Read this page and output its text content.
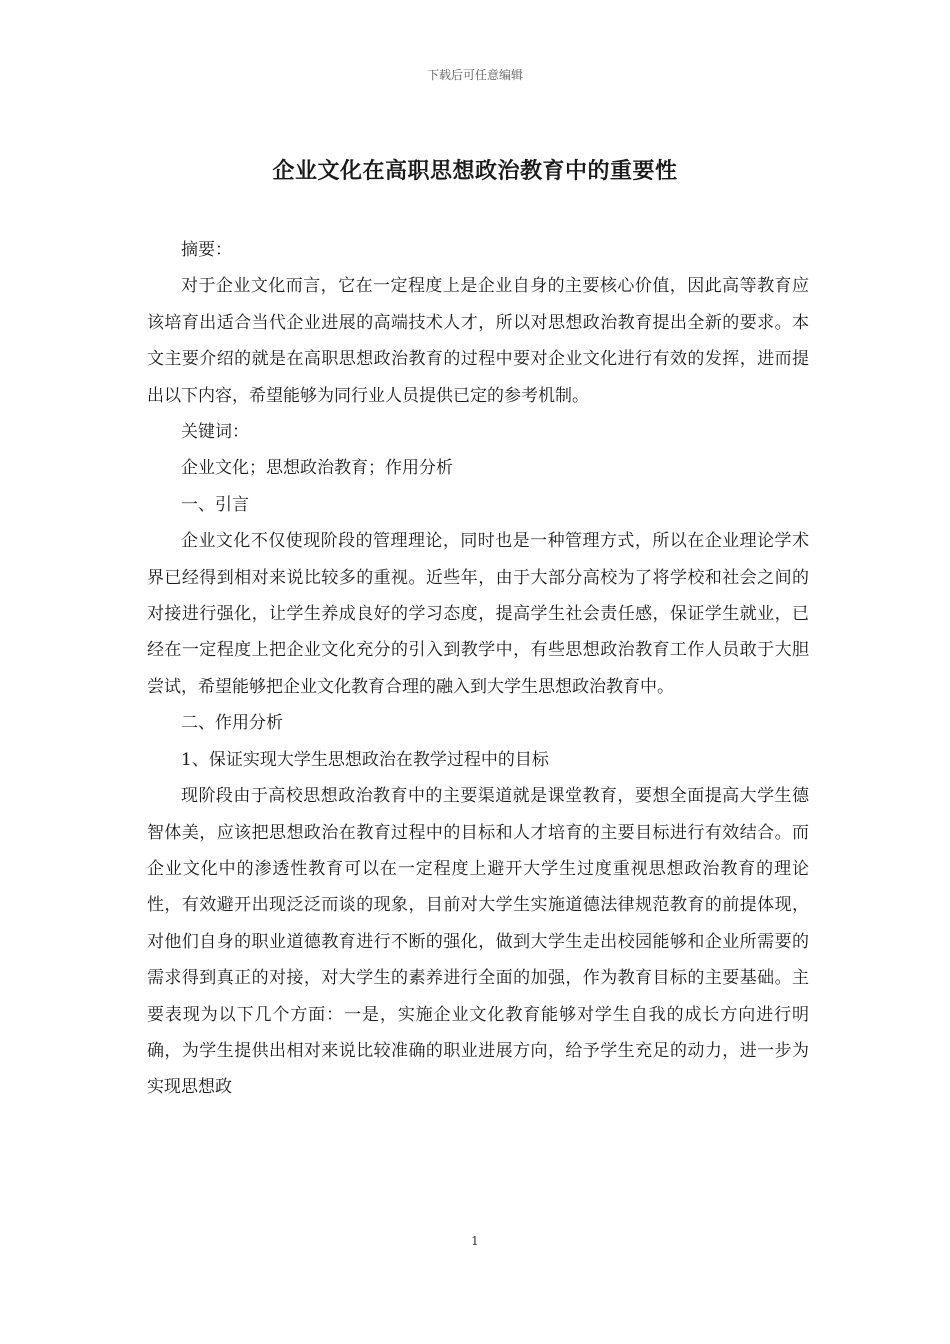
下载后可任意编辑
企业文化在高职思想政治教育中的重要性

摘要：

对于企业文化而言，它在一定程度上是企业自身的主要核心价值，因此高等教育应该培育出适合当代企业进展的高端技术人才，所以对思想政治教育提出全新的要求。本文主要介绍的就是在高职思想政治教育的过程中要对企业文化进行有效的发挥，进而提出以下内容，希望能够为同行业人员提供已定的参考机制。

关键词：

企业文化；思想政治教育；作用分析

一、引言

企业文化不仅使现阶段的管理理论，同时也是一种管理方式，所以在企业理论学术界已经得到相对来说比较多的重视。近些年，由于大部分高校为了将学校和社会之间的对接进行强化，让学生养成良好的学习态度，提高学生社会责任感，保证学生就业，已经在一定程度上把企业文化充分的引入到教学中，有些思想政治教育工作人员敢于大胆尝试，希望能够把企业文化教育合理的融入到大学生思想政治教育中。

二、作用分析

1、保证实现大学生思想政治在教学过程中的目标

现阶段由于高校思想政治教育中的主要渠道就是课堂教育，要想全面提高大学生德智体美，应该把思想政治在教育过程中的目标和人才培育的主要目标进行有效结合。而企业文化中的渗透性教育可以在一定程度上避开大学生过度重视思想政治教育的理论性，有效避开出现泛泛而谈的现象，目前对大学生实施道德法律规范教育的前提体现，对他们自身的职业道德教育进行不断的强化，做到大学生走出校园能够和企业所需要的需求得到真正的对接，对大学生的素养进行全面的加强，作为教育目标的主要基础。主要表现为以下几个方面：一是，实施企业文化教育能够对学生自我的成长方向进行明确，为学生提供出相对来说比较准确的职业进展方向，给予学生充足的动力，进一步为实现思想政

1
